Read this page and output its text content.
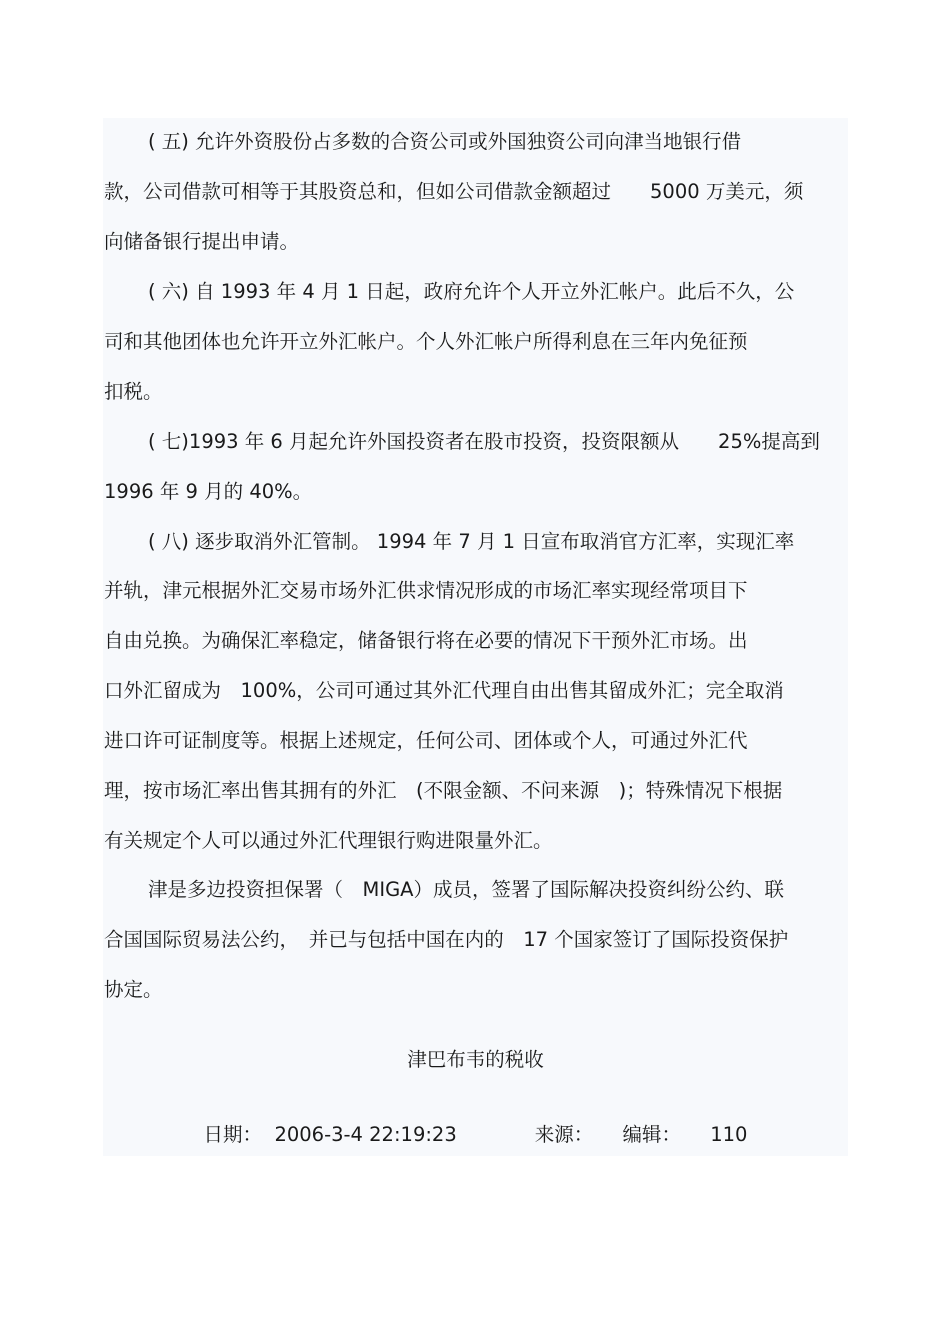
( 五) 允许外资股份占多数的合资公司或外国独资公司向津当地银行借
款，公司借款可相等于其股资总和，但如公司借款金额超过　　5000 万美元，须
向储备银行提出申请。
( 六) 自 1993 年 4 月 1 日起，政府允许个人开立外汇帐户。此后不久，公
司和其他团体也允许开立外汇帐户。个人外汇帐户所得利息在三年内免征预
扣税。
( 七)1993 年 6 月起允许外国投资者在股市投资，投资限额从　　25%提高到
1996 年 9 月的 40%。
( 八) 逐步取消外汇管制。 1994 年 7 月 1 日宣布取消官方汇率，实现汇率
并轨，津元根据外汇交易市场外汇供求情况形成的市场汇率实现经常项目下
自由兑换。为确保汇率稳定，储备银行将在必要的情况下干预外汇市场。出
口外汇留成为　100%，公司可通过其外汇代理自由出售其留成外汇；完全取消
进口许可证制度等。根据上述规定，任何公司、团体或个人，可通过外汇代
理，按市场汇率出售其拥有的外汇　(不限金额、不问来源　)；特殊情况下根据
有关规定个人可以通过外汇代理银行购进限量外汇。
津是多边投资担保署（　MIGA）成员，签署了国际解决投资纠纷公约、联
合国国际贸易法公约，　并已与包括中国在内的　17 个国家签订了国际投资保护
协定。
津巴布韦的税收
日期：  2006-3-4 22:19:23　　　　来源：　　编辑：　　110
